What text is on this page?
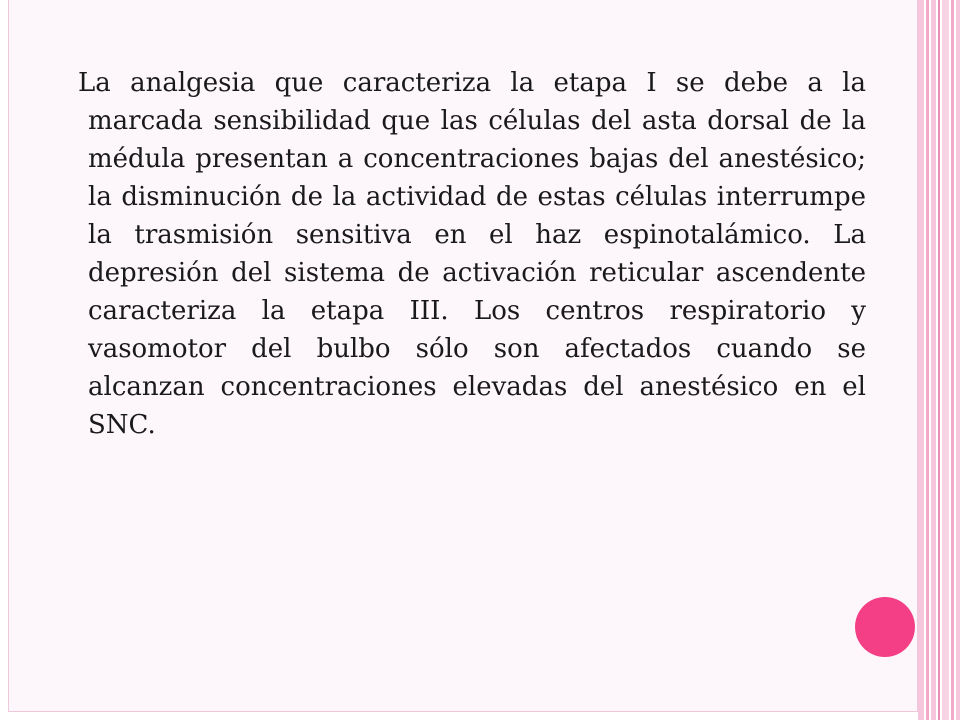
La analgesia que caracteriza la etapa I se debe a la marcada sensibilidad que las células del asta dorsal de la médula presentan a concentraciones bajas del anestésico; la disminución de la actividad de estas células interrumpe la trasmisión sensitiva en el haz espinotalámico. La depresión del sistema de activación reticular ascendente caracteriza la etapa III. Los centros respiratorio y vasomotor del bulbo sólo son afectados cuando se alcanzan concentraciones elevadas del anestésico en el SNC.
